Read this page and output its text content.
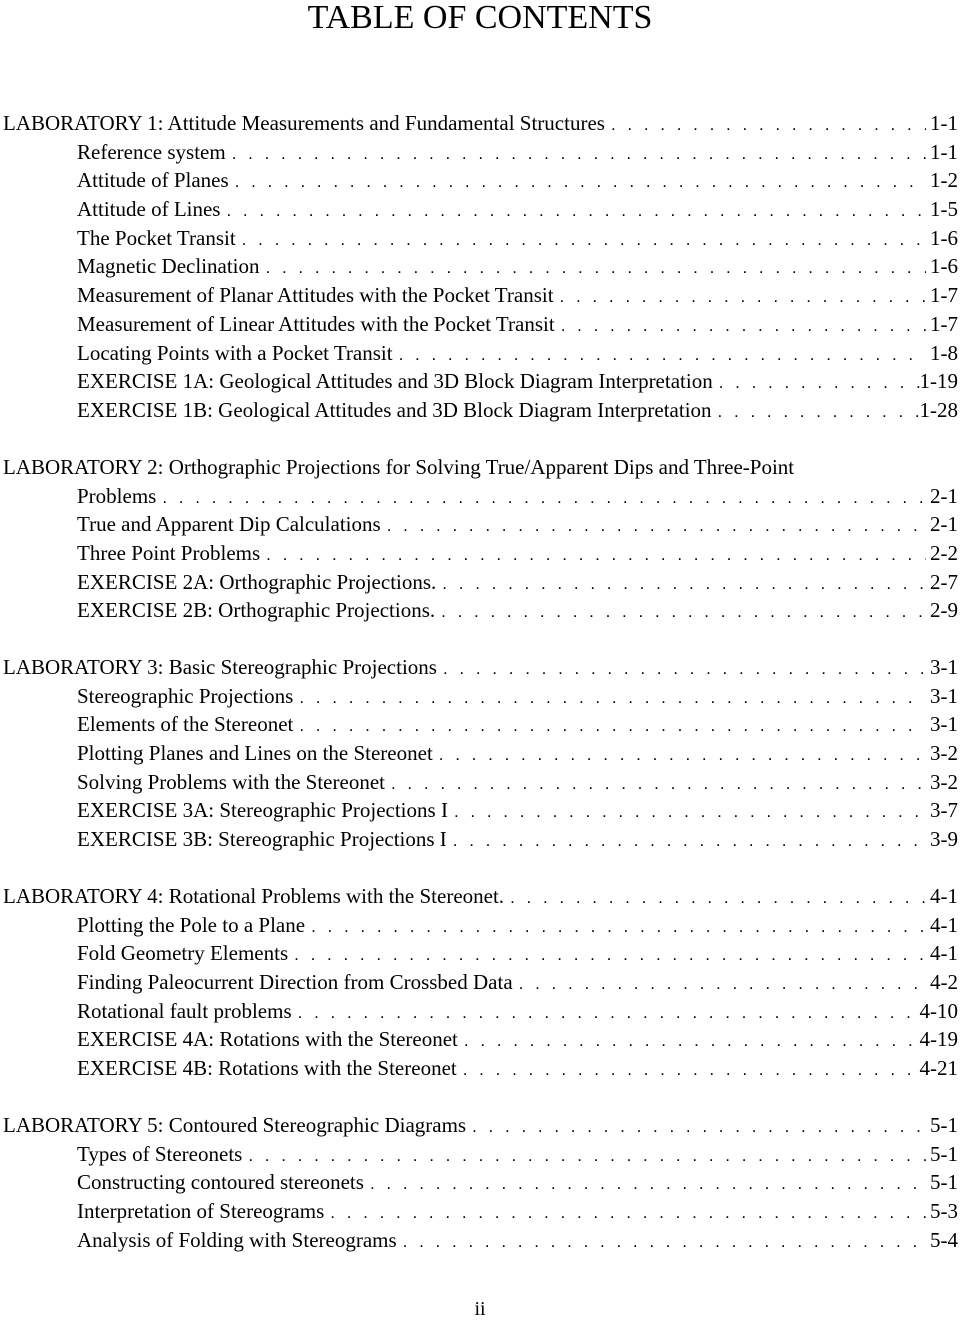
TABLE OF CONTENTS
LABORATORY 1: Attitude Measurements and Fundamental Structures . . .	1-1
Reference system . . .	1-1
Attitude of Planes . . .	1-2
Attitude of Lines . . .	1-5
The Pocket Transit . . .	1-6
Magnetic Declination . . .	1-6
Measurement of Planar Attitudes with the Pocket Transit . . .	1-7
Measurement of Linear Attitudes with the Pocket Transit . . .	1-7
Locating Points with a Pocket Transit . . .	1-8
EXERCISE 1A: Geological Attitudes and 3D Block Diagram Interpretation . . .	1-19
EXERCISE 1B: Geological Attitudes and 3D Block Diagram Interpretation . . .	1-28
LABORATORY 2: Orthographic Projections for Solving True/Apparent Dips and Three-Point
Problems . . .	2-1
True and Apparent Dip Calculations . . .	2-1
Three Point Problems . . .	2-2
EXERCISE 2A: Orthographic Projections. . . .	2-7
EXERCISE 2B: Orthographic Projections. . . .	2-9
LABORATORY 3: Basic Stereographic Projections . . .	3-1
Stereographic Projections . . .	3-1
Elements of the Stereonet . . .	3-1
Plotting Planes and Lines on the Stereonet . . .	3-2
Solving Problems with the Stereonet . . .	3-2
EXERCISE 3A: Stereographic Projections I . . .	3-7
EXERCISE 3B: Stereographic Projections I . . .	3-9
LABORATORY 4: Rotational Problems with the Stereonet. . . .	4-1
Plotting the Pole to a Plane . . .	4-1
Fold Geometry Elements . . .	4-1
Finding Paleocurrent Direction from Crossbed Data . . .	4-2
Rotational fault problems . . .	4-10
EXERCISE 4A: Rotations with the Stereonet . . .	4-19
EXERCISE 4B: Rotations with the Stereonet . . .	4-21
LABORATORY 5: Contoured Stereographic Diagrams . . .	5-1
Types of Stereonets . . .	5-1
Constructing contoured stereonets . . .	5-1
Interpretation of Stereograms . . .	5-3
Analysis of Folding with Stereograms . . .	5-4
ii
